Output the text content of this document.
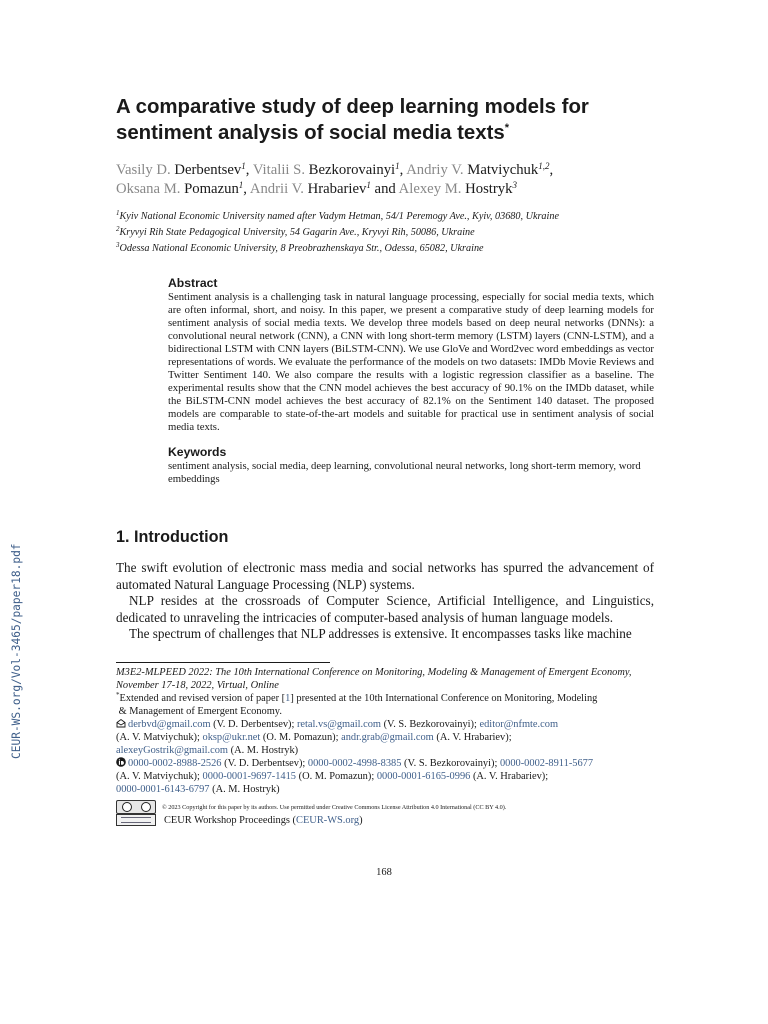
CEUR-WS.org/Vol-3465/paper18.pdf
A comparative study of deep learning models for sentiment analysis of social media texts*
Vasily D. Derbentsev$^1$, Vitalii S. Bezkorovainyi$^1$, Andriy V. Matviychuk$^{1,2}$,
Oksana M. Pomazun$^1$, Andrii V. Hrabariev$^1$ and Alexey M. Hostryk$^3$
$^1$Kyiv National Economic University named after Vadym Hetman, 54/1 Peremogy Ave., Kyiv, 03680, Ukraine
$^2$Kryvyi Rih State Pedagogical University, 54 Gagarin Ave., Kryvyi Rih, 50086, Ukraine
$^3$Odessa National Economic University, 8 Preobrazhenskaya Str., Odessa, 65082, Ukraine
Abstract
Sentiment analysis is a challenging task in natural language processing, especially for social media texts, which are often informal, short, and noisy. In this paper, we present a comparative study of deep learning models for sentiment analysis of social media texts. We develop three models based on deep neural networks (DNNs): a convolutional neural network (CNN), a CNN with long short-term memory (LSTM) layers (CNN-LSTM), and a bidirectional LSTM with CNN layers (BiLSTM-CNN). We use GloVe and Word2vec word embeddings as vector representations of words. We evaluate the performance of the models on two datasets: IMDb Movie Reviews and Twitter Sentiment 140. We also compare the results with a logistic regression classifier as a baseline. The experimental results show that the CNN model achieves the best accuracy of 90.1% on the IMDb dataset, while the BiLSTM-CNN model achieves the best accuracy of 82.1% on the Sentiment 140 dataset. The proposed models are comparable to state-of-the-art models and suitable for practical use in sentiment analysis of social media texts.
Keywords
sentiment analysis, social media, deep learning, convolutional neural networks, long short-term memory, word embeddings
1. Introduction

The swift evolution of electronic mass media and social networks has spurred the advancement of automated Natural Language Processing (NLP) systems.

NLP resides at the crossroads of Computer Science, Artificial Intelligence, and Linguistics, dedicated to unraveling the intricacies of computer-based analysis of human language models.

The spectrum of challenges that NLP addresses is extensive. It encompasses tasks like machine

M3E2-MLPEED 2022: The 10th International Conference on Monitoring, Modeling & Management of Emergent Economy,
November 17-18, 2022, Virtual, Online
*Extended and revised version of paper [1] presented at the 10th International Conference on Monitoring, Modeling
& Management of Emergent Economy.
derbvd@gmail.com (V. D. Derbentsev); retal.vs@gmail.com (V. S. Bezkorovainyi); editor@nfmte.com
(A. V. Matviychuk); oksp@ukr.net (O. M. Pomazun); andr.grab@gmail.com (A. V. Hrabariev);
alexeyGostrik@gmail.com (A. M. Hostryk)
0000-0002-8988-2526 (V. D. Derbentsev); 0000-0002-4998-8385 (V. S. Bezkorovainyi); 0000-0002-8911-5677
(A. V. Matviychuk); 0000-0001-9697-1415 (O. M. Pomazun); 0000-0001-6165-0996 (A. V. Hrabariev);
0000-0001-6143-6797 (A. M. Hostryk)
© 2023 Copyright for this paper by its authors. Use permitted under Creative Commons License Attribution 4.0 International (CC BY 4.0).
CEUR Workshop Proceedings (CEUR-WS.org)
168
